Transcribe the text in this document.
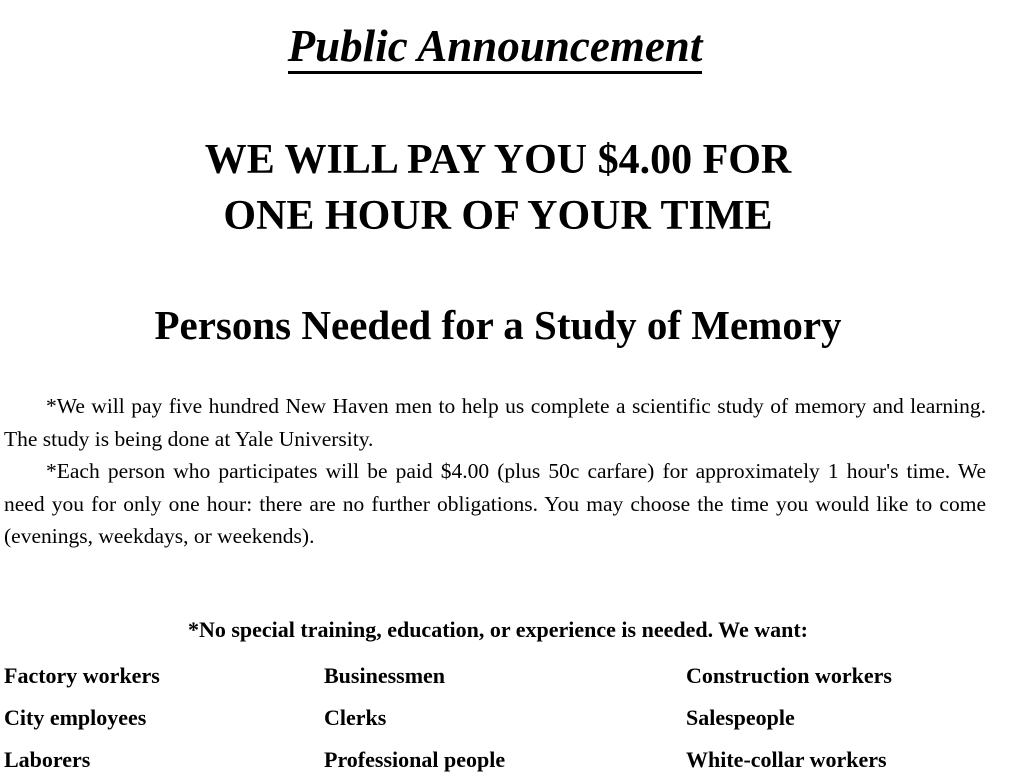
Public Announcement
WE WILL PAY YOU $4.00 FOR
ONE HOUR OF YOUR TIME
Persons Needed for a Study of Memory

*We will pay five hundred New Haven men to help us complete a scientific study of memory and learning. The study is being done at Yale University.

*Each person who participates will be paid $4.00 (plus 50c carfare) for approximately 1 hour's time. We need you for only one hour: there are no further obligations. You may choose the time you would like to come (evenings, weekdays, or weekends).

*No special training, education, or experience is needed. We want:
Factory workers
City employees
Laborers
Businessmen
Clerks
Professional people
Construction workers
Salespeople
White-collar workers
